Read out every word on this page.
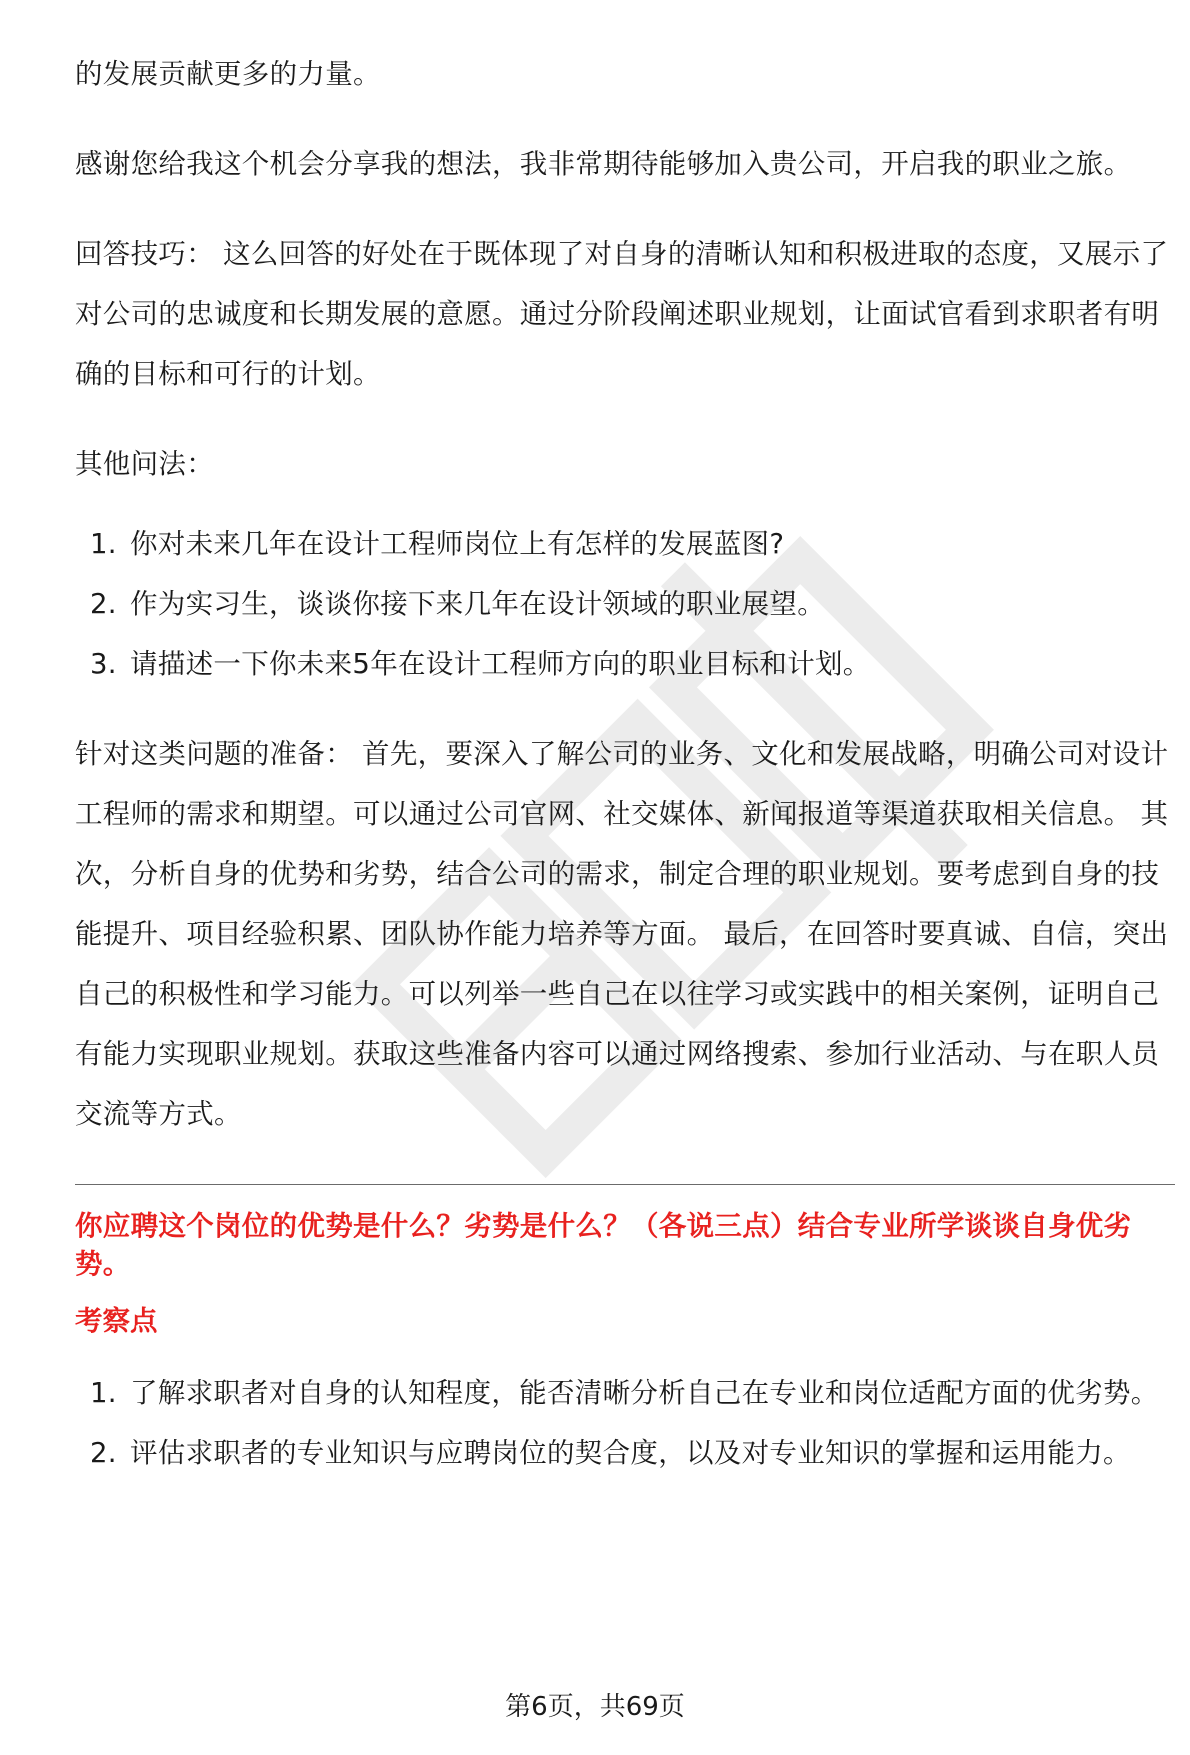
的发展贡献更多的力量。

感谢您给我这个机会分享我的想法，我非常期待能够加入贵公司，开启我的职业之旅。

回答技巧： 这么回答的好处在于既体现了对自身的清晰认知和积极进取的态度，又展示了对公司的忠诚度和长期发展的意愿。通过分阶段阐述职业规划，让面试官看到求职者有明确的目标和可行的计划。

其他问法：

1. 你对未来几年在设计工程师岗位上有怎样的发展蓝图?
2. 作为实习生，谈谈你接下来几年在设计领域的职业展望。
3. 请描述一下你未来5年在设计工程师方向的职业目标和计划。

针对这类问题的准备： 首先，要深入了解公司的业务、文化和发展战略，明确公司对设计工程师的需求和期望。可以通过公司官网、社交媒体、新闻报道等渠道获取相关信息。 其次，分析自身的优势和劣势，结合公司的需求，制定合理的职业规划。要考虑到自身的技能提升、项目经验积累、团队协作能力培养等方面。 最后，在回答时要真诚、自信，突出自己的积极性和学习能力。可以列举一些自己在以往学习或实践中的相关案例，证明自己有能力实现职业规划。获取这些准备内容可以通过网络搜索、参加行业活动、与在职人员交流等方式。

你应聘这个岗位的优势是什么？劣势是什么？（各说三点）结合专业所学谈谈自身优劣势。

考察点

1. 了解求职者对自身的认知程度，能否清晰分析自己在专业和岗位适配方面的优劣势。
2. 评估求职者的专业知识与应聘岗位的契合度，以及对专业知识的掌握和运用能力。
第6页，共69页
